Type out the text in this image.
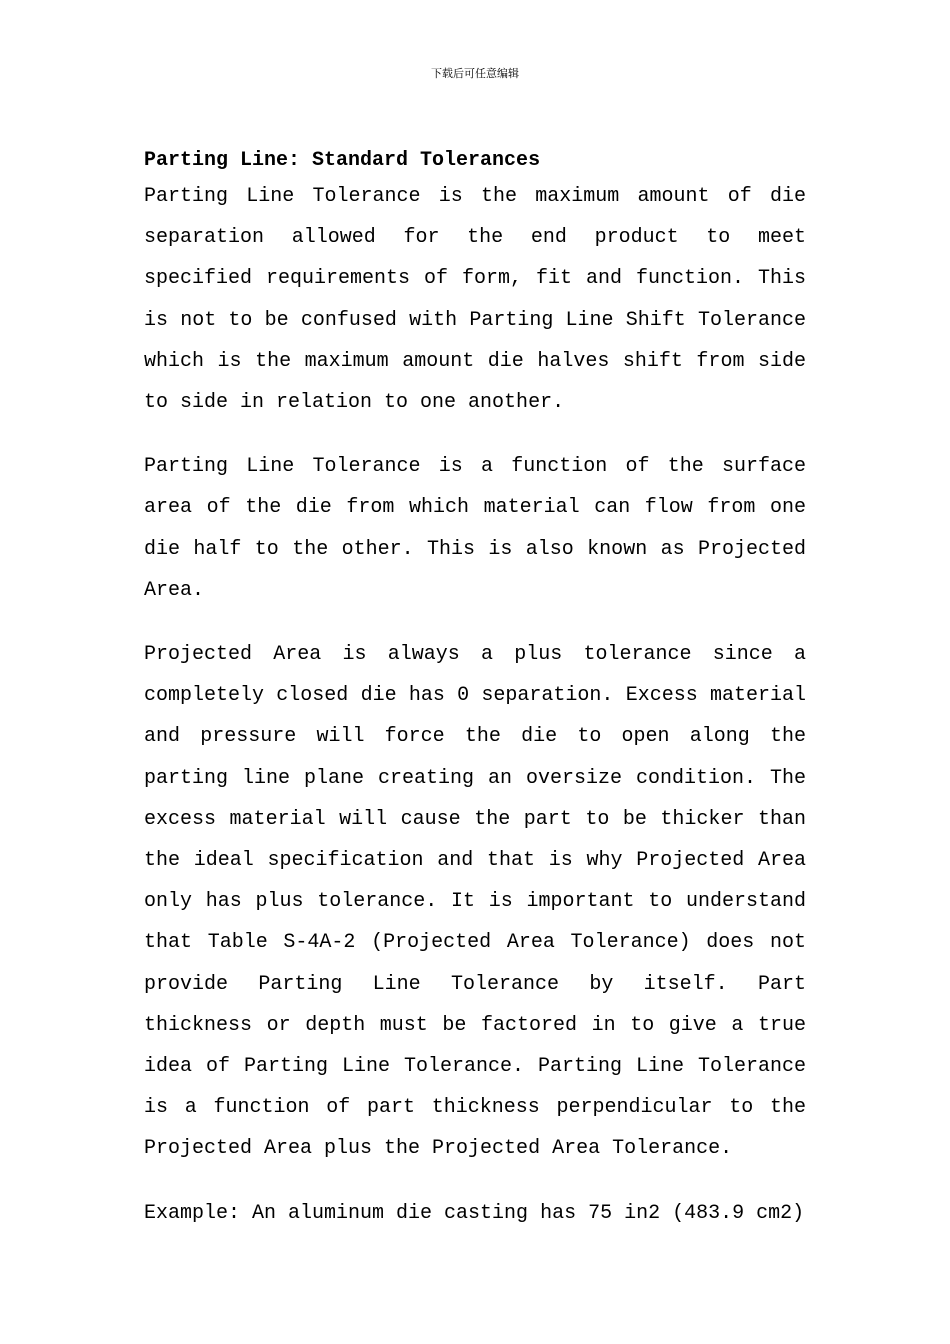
下载后可任意编辑
Parting Line: Standard Tolerances

Parting Line Tolerance is the maximum amount of die separation allowed for the end product to meet specified requirements of form, fit and function. This is not to be confused with Parting Line Shift Tolerance which is the maximum amount die halves shift from side to side in relation to one another.

Parting Line Tolerance is a function of the surface area of the die from which material can flow from one die half to the other. This is also known as Projected Area.

Projected Area is always a plus tolerance since a completely closed die has 0 separation. Excess material and pressure will force the die to open along the parting line plane creating an oversize condition. The excess material will cause the part to be thicker than the ideal specification and that is why Projected Area only has plus tolerance. It is important to understand that Table S-4A-2 (Projected Area Tolerance) does not provide Parting Line Tolerance by itself. Part thickness or depth must be factored in to give a true idea of Parting Line Tolerance. Parting Line Tolerance is a function of part thickness perpendicular to the Projected Area plus the Projected Area Tolerance.

Example: An aluminum die casting has 75 in2 (483.9 cm2)
